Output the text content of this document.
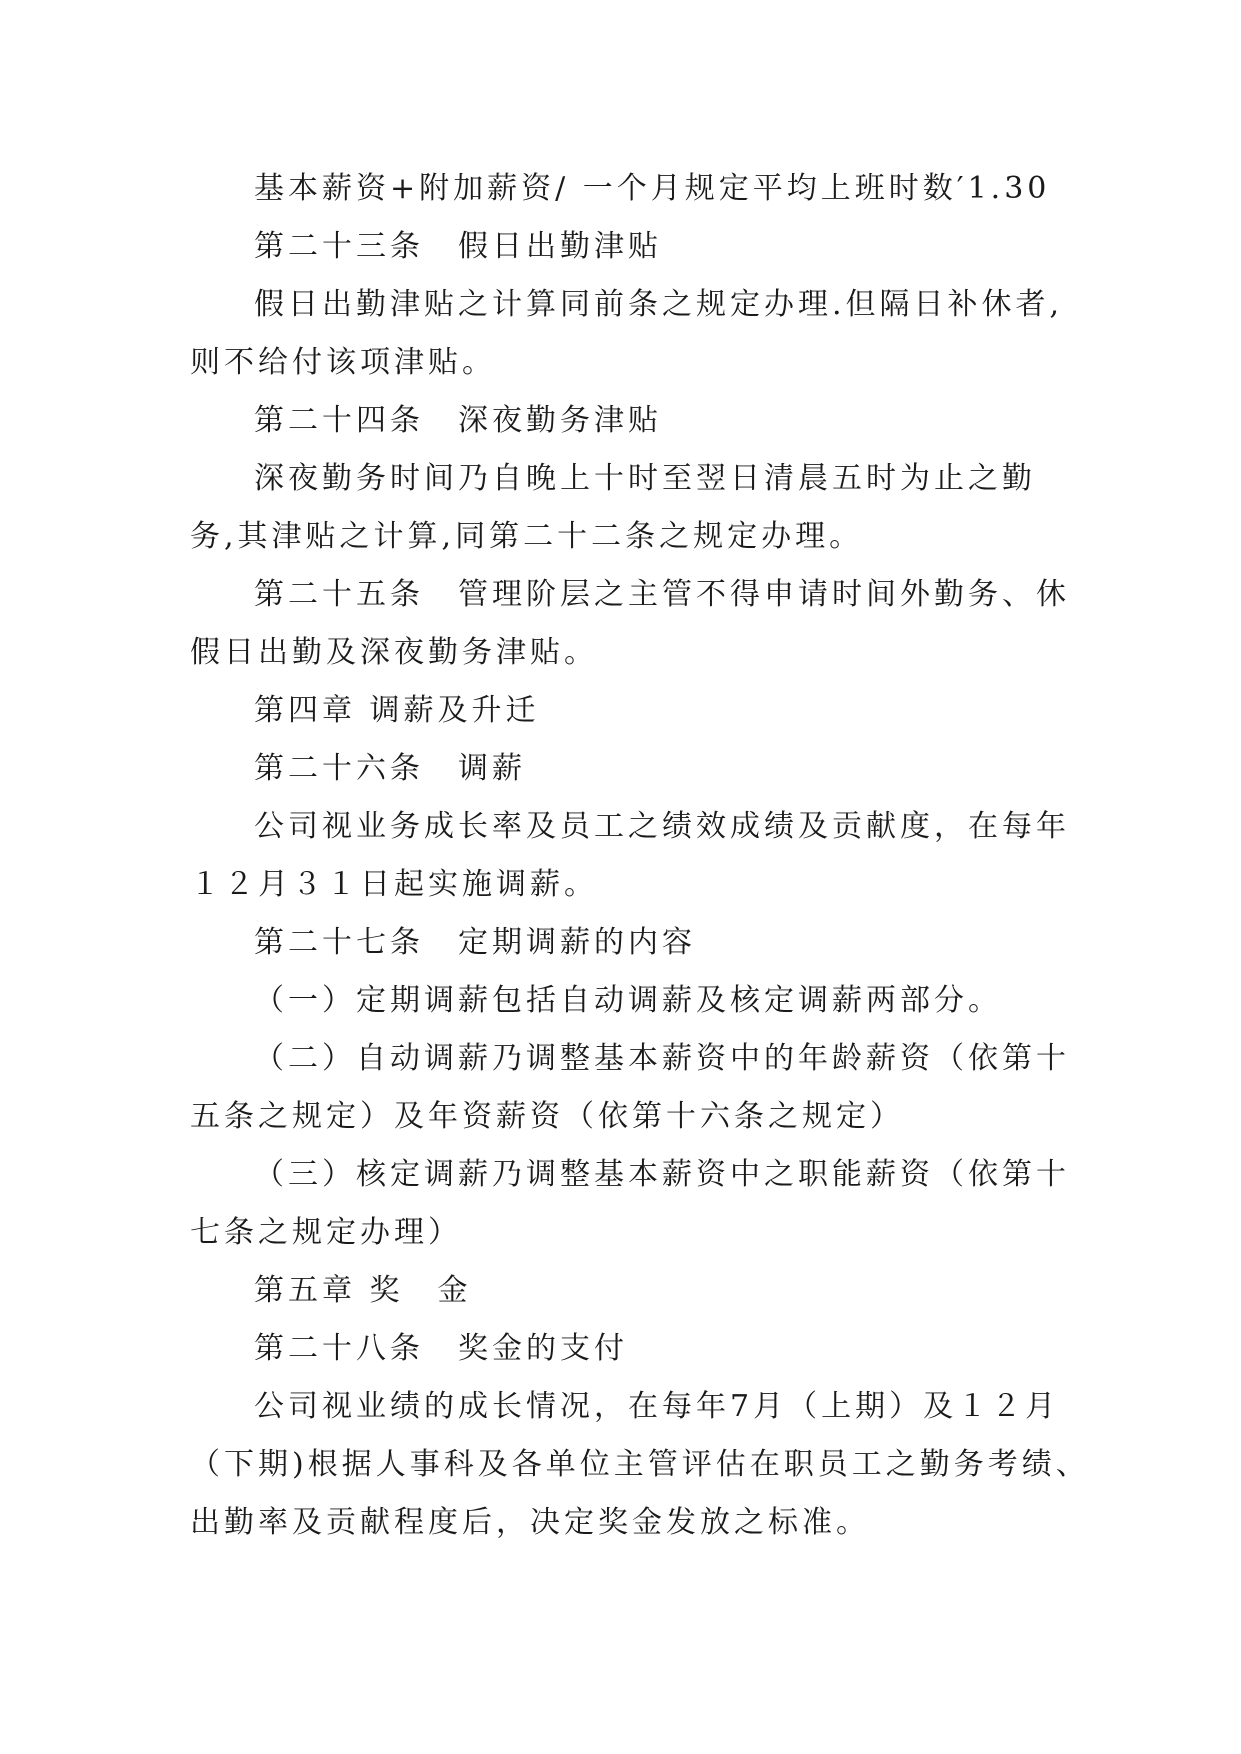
基本薪资+附加薪资/ 一个月规定平均上班时数′1.30
第二十三条　假日出勤津贴
假日出勤津贴之计算同前条之规定办理.但隔日补休者,
则不给付该项津贴。
第二十四条　深夜勤务津贴
深夜勤务时间乃自晚上十时至翌日清晨五时为止之勤
务,其津贴之计算,同第二十二条之规定办理。
第二十五条　管理阶层之主管不得申请时间外勤务、休
假日出勤及深夜勤务津贴。
第四章 调薪及升迁
第二十六条　调薪
公司视业务成长率及员工之绩效成绩及贡献度，在每年
１２月３１日起实施调薪。
第二十七条　定期调薪的内容
（一）定期调薪包括自动调薪及核定调薪两部分。
（二）自动调薪乃调整基本薪资中的年龄薪资（依第十
五条之规定）及年资薪资（依第十六条之规定）
（三）核定调薪乃调整基本薪资中之职能薪资（依第十
七条之规定办理）
第五章 奖　金
第二十八条　奖金的支付
公司视业绩的成长情况，在每年7月（上期）及１２月
（下期)根据人事科及各单位主管评估在职员工之勤务考绩、
出勤率及贡献程度后，决定奖金发放之标准。
